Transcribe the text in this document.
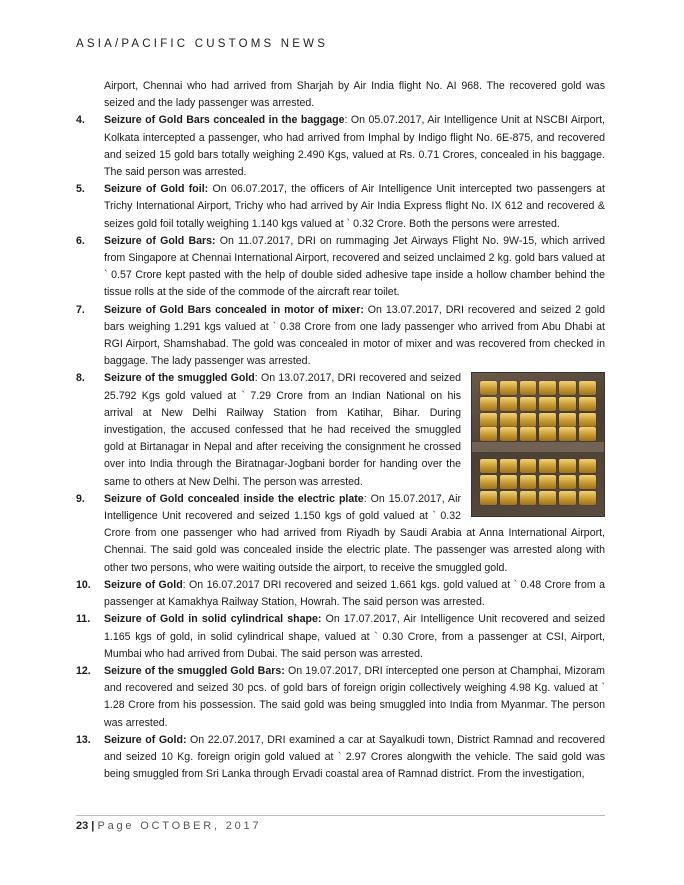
ASIA/PACIFIC CUSTOMS NEWS

Airport, Chennai who had arrived from Sharjah by Air India flight No. AI 968. The recovered gold was seized and the lady passenger was arrested.

4. Seizure of Gold Bars concealed in the baggage: On 05.07.2017, Air Intelligence Unit at NSCBI Airport, Kolkata intercepted a passenger, who had arrived from Imphal by Indigo flight No. 6E-875, and recovered and seized 15 gold bars totally weighing 2.490 Kgs, valued at Rs. 0.71 Crores, concealed in his baggage. The said person was arrested.
5. Seizure of Gold foil: On 06.07.2017, the officers of Air Intelligence Unit intercepted two passengers at Trichy International Airport, Trichy who had arrived by Air India Express flight No. IX 612 and recovered & seizes gold foil totally weighing 1.140 kgs valued at ` 0.32 Crore. Both the persons were arrested.
6. Seizure of Gold Bars: On 11.07.2017, DRI on rummaging Jet Airways Flight No. 9W-15, which arrived from Singapore at Chennai International Airport, recovered and seized unclaimed 2 kg. gold bars valued at ` 0.57 Crore kept pasted with the help of double sided adhesive tape inside a hollow chamber behind the tissue rolls at the side of the commode of the aircraft rear toilet.
7. Seizure of Gold Bars concealed in motor of mixer: On 13.07.2017, DRI recovered and seized 2 gold bars weighing 1.291 kgs valued at ` 0.38 Crore from one lady passenger who arrived from Abu Dhabi at RGI Airport, Shamshabad. The gold was concealed in motor of mixer and was recovered from checked in baggage. The lady passenger was arrested.
8. Seizure of the smuggled Gold: On 13.07.2017, DRI recovered and seized 25.792 Kgs gold valued at ` 7.29 Crore from an Indian National on his arrival at New Delhi Railway Station from Katihar, Bihar. During investigation, the accused confessed that he had received the smuggled gold at Birtanagar in Nepal and after receiving the consignment he crossed over into India through the Biratnagar-Jogbani border for handing over the same to others at New Delhi. The person was arrested.
9. Seizure of Gold concealed inside the electric plate: On 15.07.2017, Air Intelligence Unit recovered and seized 1.150 kgs of gold valued at ` 0.32 Crore from one passenger who had arrived from Riyadh by Saudi Arabia at Anna International Airport, Chennai. The said gold was concealed inside the electric plate. The passenger was arrested along with other two persons, who were waiting outside the airport, to receive the smuggled gold.
10. Seizure of Gold: On 16.07.2017 DRI recovered and seized 1.661 kgs. gold valued at ` 0.48 Crore from a passenger at Kamakhya Railway Station, Howrah. The said person was arrested.
11. Seizure of Gold in solid cylindrical shape: On 17.07.2017, Air Intelligence Unit recovered and seized 1.165 kgs of gold, in solid cylindrical shape, valued at ` 0.30 Crore, from a passenger at CSI, Airport, Mumbai who had arrived from Dubai. The said person was arrested.
12. Seizure of the smuggled Gold Bars: On 19.07.2017, DRI intercepted one person at Champhai, Mizoram and recovered and seized 30 pcs. of gold bars of foreign origin collectively weighing 4.98 Kg. valued at ` 1.28 Crore from his possession. The said gold was being smuggled into India from Myanmar. The person was arrested.
13. Seizure of Gold: On 22.07.2017, DRI examined a car at Sayalkudi town, District Ramnad and recovered and seized 10 Kg. foreign origin gold valued at ` 2.97 Crores alongwith the vehicle. The said gold was being smuggled from Sri Lanka through Ervadi coastal area of Ramnad district. From the investigation,
23 | Page OCTOBER, 2017
